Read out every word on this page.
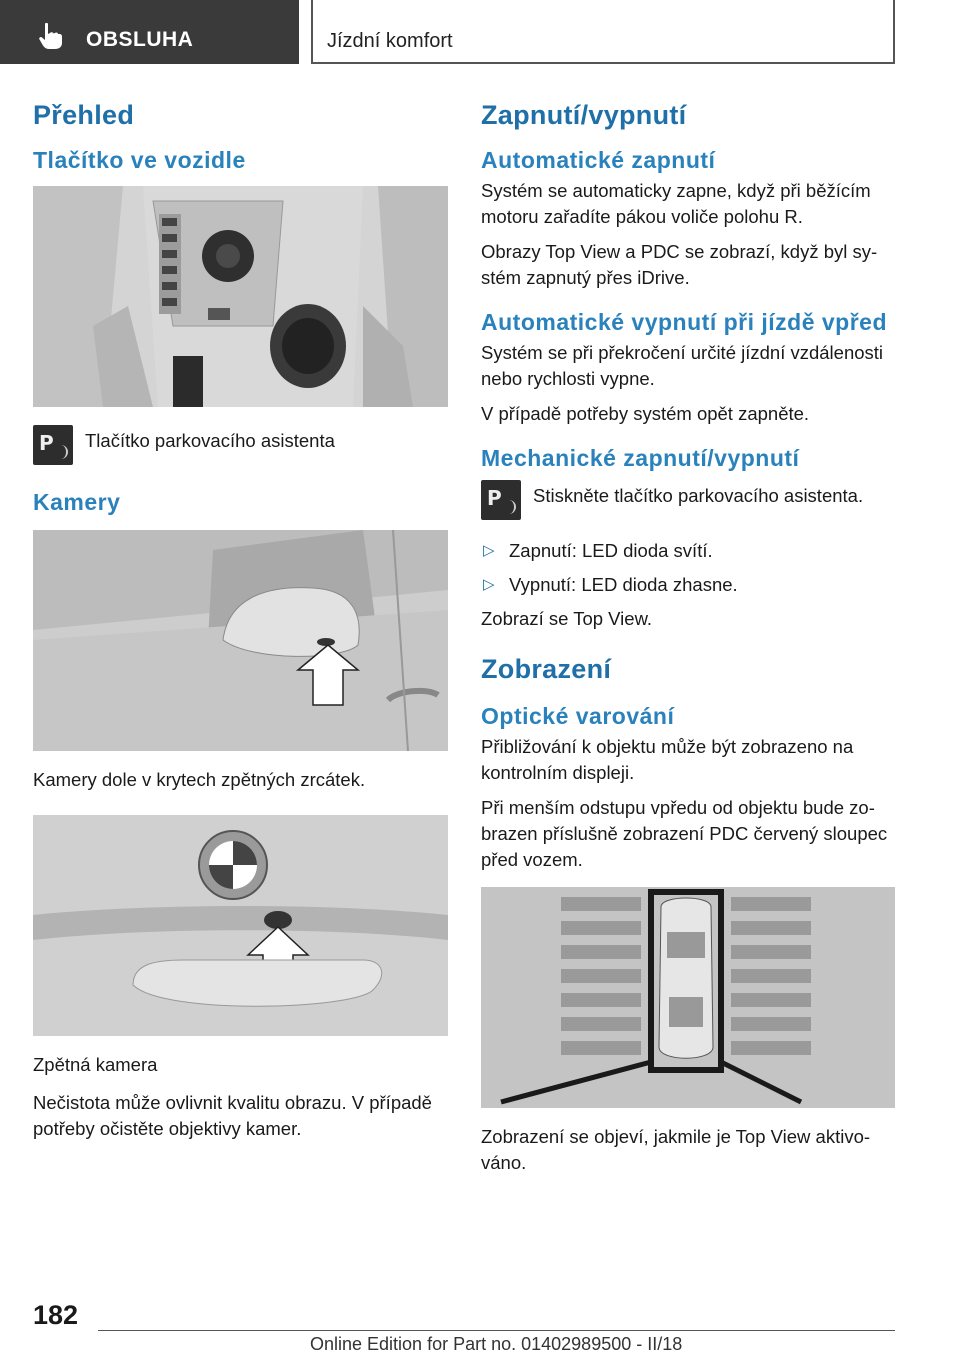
OBSLUHA	Jízdní komfort
Přehled
Tlačítko ve vozidle
P Tlačítko parkovacího asistenta
Kamery

Kamery dole v krytech zpětných zrcátek.

Zpětná kamera

Nečistota může ovlivnit kvalitu obrazu. V případě potřeby očistěte objektivy kamer.

Zapnutí/vypnutí
Automatické zapnutí

Systém se automaticky zapne, když při běžícím motoru zařadíte pákou voliče polohu R.

Obrazy Top View a PDC se zobrazí, když byl systém zapnutý přes iDrive.

Automatické vypnutí při jízdě vpřed

Systém se při překročení určité jízdní vzdálenosti nebo rychlosti vypne.

V případě potřeby systém opět zapněte.

Mechanické zapnutí/vypnutí
P Stiskněte tlačítko parkovacího asistenta.
▷ Zapnutí: LED dioda svítí.
▷ Vypnutí: LED dioda zhasne.

Zobrazí se Top View.

Zobrazení
Optické varování

Přibližování k objektu může být zobrazeno na kontrolním displeji.

Při menším odstupu vpředu od objektu bude zobrazen příslušně zobrazení PDC červený sloupec před vozem.

Zobrazení se objeví, jakmile je Top View aktivováno.

182
Online Edition for Part no. 01402989500 - II/18
